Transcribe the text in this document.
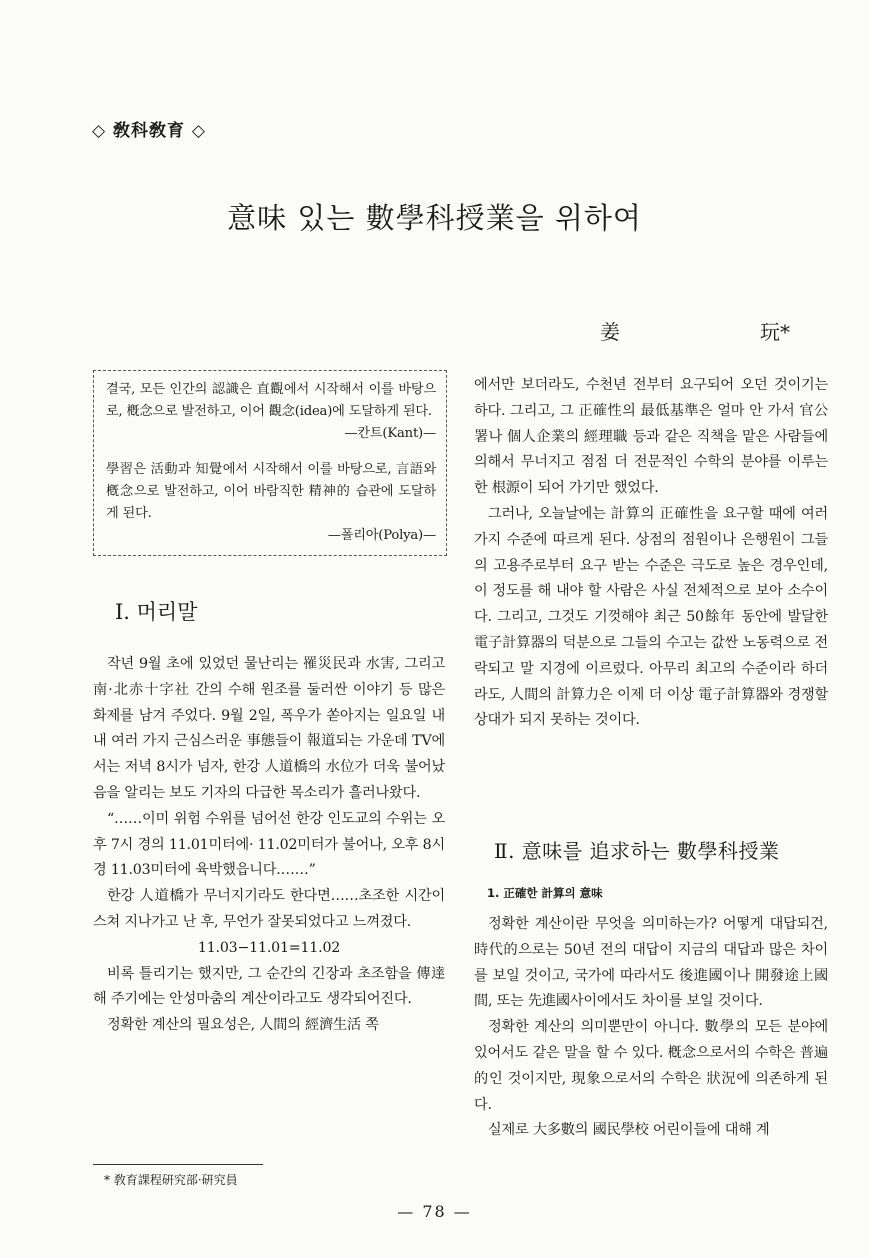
◇ 敎科敎育 ◇
意味 있는 數學科授業을 위하여
姜	玩*

결국, 모든 인간의 認識은 直觀에서 시작해서 이를 바탕으로, 槪念으로 발전하고, 이어 觀念(idea)에 도달하게 된다.

—칸트(Kant)—

學習은 活動과 知覺에서 시작해서 이를 바탕으로, 言語와 槪念으로 발전하고, 이어 바람직한 精神的 습관에 도달하게 된다.

—폴리아(Polya)—

Ⅰ. 머리말

작년 9월 초에 있었던 물난리는 罹災民과 水害, 그리고 南·北赤十字社 간의 수해 원조를 둘러싼 이야기 등 많은 화제를 남겨 주었다. 9월 2일, 폭우가 쏟아지는 일요일 내내 여러 가지 근심스러운 事態들이 報道되는 가운데 TV에서는 저녁 8시가 넘자, 한강 人道橋의 水位가 더욱 불어났음을 알리는 보도 기자의 다급한 목소리가 흘러나왔다.

“……이미 위험 수위를 넘어선 한강 인도교의 수위는 오후 7시 경의 11.01미터에· 11.02미터가 불어나, 오후 8시 경 11.03미터에 육박했읍니다.……”

한강 人道橋가 무너지기라도 한다면……초조한 시간이 스쳐 지나가고 난 후, 무언가 잘못되었다고 느껴졌다.

11.03−11.01=11.02

비록 틀리기는 했지만, 그 순간의 긴장과 초조함을 傳達해 주기에는 안성마춤의 계산이라고도 생각되어진다.

정확한 계산의 필요성은, 人間의 經濟生活 쪽

에서만 보더라도, 수천년 전부터 요구되어 오던 것이기는 하다. 그리고, 그 正確性의 最低基準은 얼마 안 가서 官公署나 個人企業의 經理職 등과 같은 직책을 맡은 사람들에 의해서 무너지고 점점 더 전문적인 수학의 분야를 이루는 한 根源이 되어 가기만 했었다.

그러나, 오늘날에는 計算의 正確性을 요구할 때에 여러 가지 수준에 따르게 된다. 상점의 점원이나 은행원이 그들의 고용주로부터 요구 받는 수준은 극도로 높은 경우인데, 이 정도를 해 내야 할 사람은 사실 전체적으로 보아 소수이다. 그리고, 그것도 기껏해야 최근 50餘年 동안에 발달한 電子計算器의 덕분으로 그들의 수고는 값싼 노동력으로 전락되고 말 지경에 이르렀다. 아무리 최고의 수준이라 하더라도, 人間의 計算力은 이제 더 이상 電子計算器와 경쟁할 상대가 되지 못하는 것이다.

Ⅱ. 意味를 追求하는 數學科授業
1. 正確한 計算의 意味

정확한 계산이란 무엇을 의미하는가? 어떻게 대답되건, 時代的으로는 50년 전의 대답이 지금의 대답과 많은 차이를 보일 것이고, 국가에 따라서도 後進國이나 開發途上國間, 또는 先進國사이에서도 차이를 보일 것이다.

정확한 계산의 의미뿐만이 아니다. 數學의 모든 분야에 있어서도 같은 말을 할 수 있다. 槪念으로서의 수학은 普遍的인 것이지만, 現象으로서의 수학은 狀況에 의존하게 된다.

실제로 大多數의 國民學校 어린이들에 대해 계

* 敎育課程硏究部·硏究員
— 78 —
